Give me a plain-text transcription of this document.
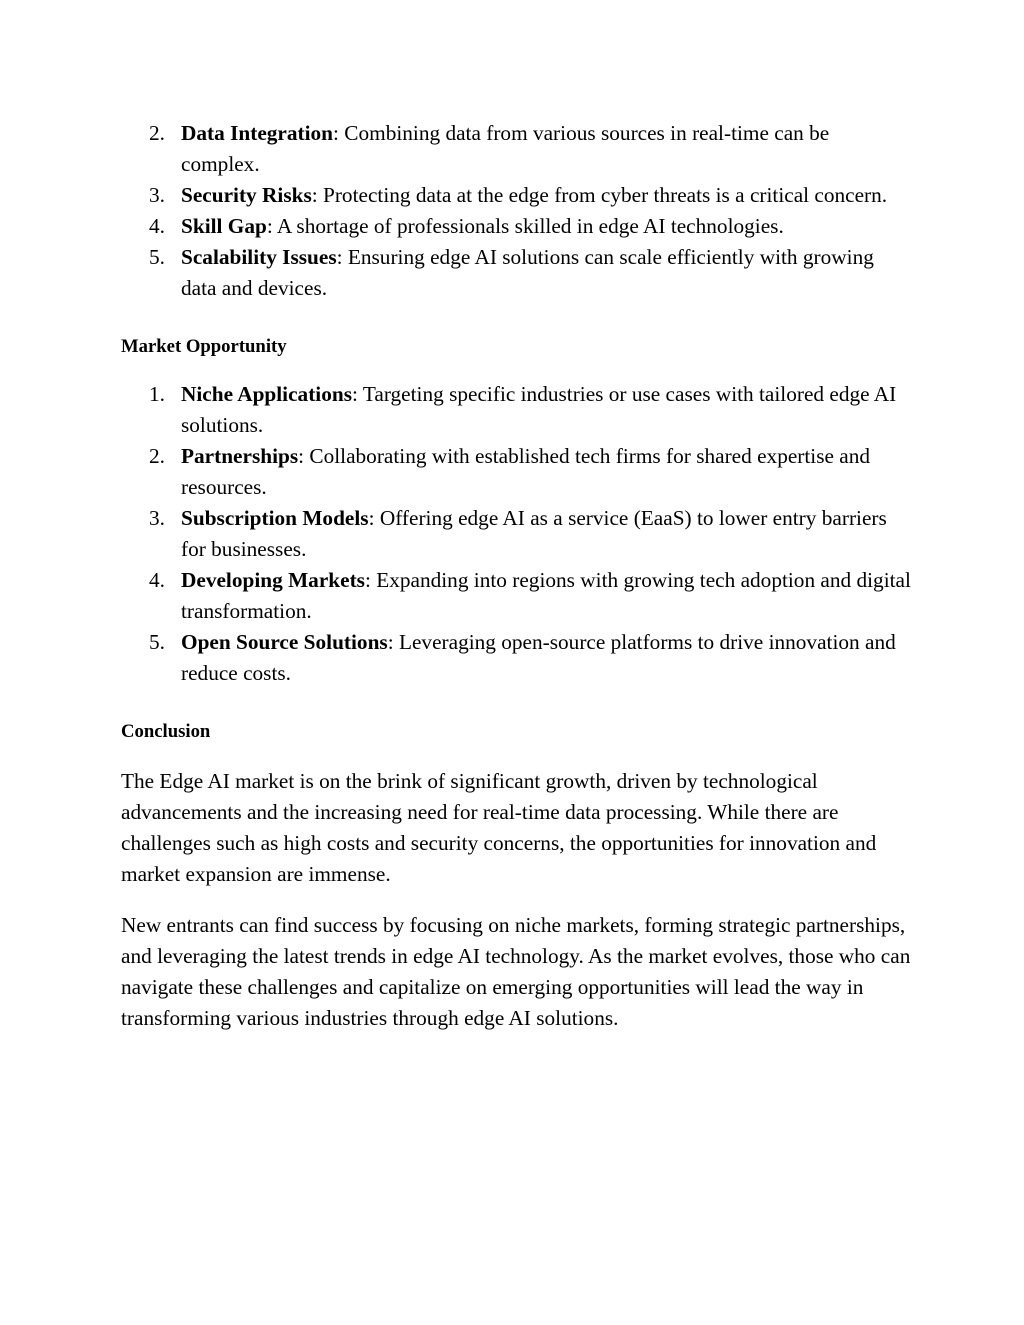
2. Data Integration: Combining data from various sources in real-time can be complex.
3. Security Risks: Protecting data at the edge from cyber threats is a critical concern.
4. Skill Gap: A shortage of professionals skilled in edge AI technologies.
5. Scalability Issues: Ensuring edge AI solutions can scale efficiently with growing data and devices.
Market Opportunity
1. Niche Applications: Targeting specific industries or use cases with tailored edge AI solutions.
2. Partnerships: Collaborating with established tech firms for shared expertise and resources.
3. Subscription Models: Offering edge AI as a service (EaaS) to lower entry barriers for businesses.
4. Developing Markets: Expanding into regions with growing tech adoption and digital transformation.
5. Open Source Solutions: Leveraging open-source platforms to drive innovation and reduce costs.
Conclusion

The Edge AI market is on the brink of significant growth, driven by technological advancements and the increasing need for real-time data processing. While there are challenges such as high costs and security concerns, the opportunities for innovation and market expansion are immense.

New entrants can find success by focusing on niche markets, forming strategic partnerships, and leveraging the latest trends in edge AI technology. As the market evolves, those who can navigate these challenges and capitalize on emerging opportunities will lead the way in transforming various industries through edge AI solutions.
